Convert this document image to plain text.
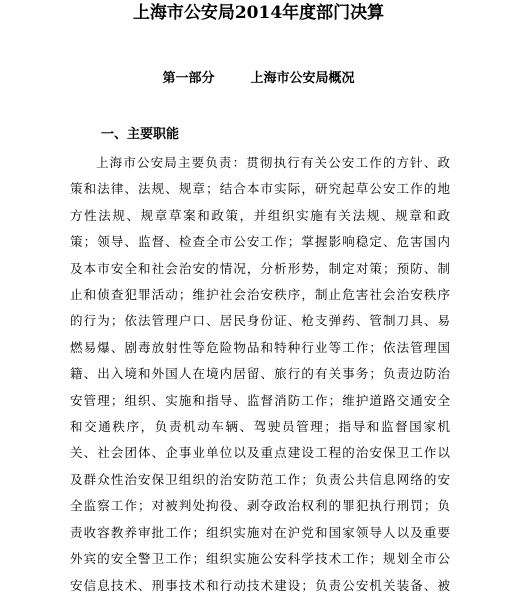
上海市公安局2014年度部门决算
第一部分	上海市公安局概况
一、主要职能
上海市公安局主要负责：贯彻执行有关公安工作的方针、政
策和法律、法规、规章；结合本市实际，研究起草公安工作的地
方性法规、规章草案和政策，并组织实施有关法规、规章和政
策；领导、监督、检查全市公安工作；掌握影响稳定、危害国内
及本市安全和社会治安的情况，分析形势，制定对策；预防、制
止和侦查犯罪活动；维护社会治安秩序，制止危害社会治安秩序
的行为；依法管理户口、居民身份证、枪支弹药、管制刀具、易
燃易爆、剧毒放射性等危险物品和特种行业等工作；依法管理国
籍、出入境和外国人在境内居留、旅行的有关事务；负责边防治
安管理；组织、实施和指导、监督消防工作；维护道路交通安全
和交通秩序，负责机动车辆、驾驶员管理；指导和监督国家机
关、社会团体、企事业单位以及重点建设工程的治安保卫工作以
及群众性治安保卫组织的治安防范工作；负责公共信息网络的安
全监察工作；对被判处拘役、剥夺政治权利的罪犯执行刑罚；负
责收容教养审批工作；组织实施对在沪党和国家领导人以及重要
外宾的安全警卫工作；组织实施公安科学技术工作；规划全市公
安信息技术、刑事技术和行动技术建设；负责公安机关装备、被
